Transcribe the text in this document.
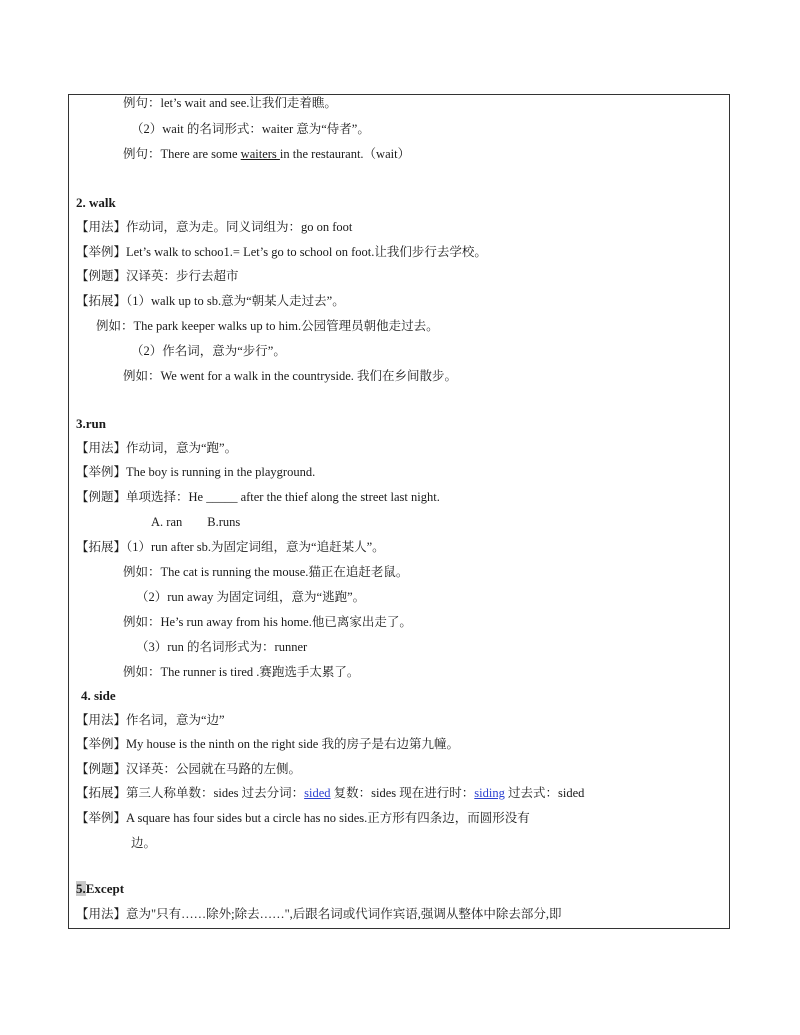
例句：let’s wait and see.让我们走着瞧。
（2）wait 的名词形式：waiter 意为“侍者”。
例句：There are some waiters in the restaurant.（wait）
2. walk
【用法】作动词，意为走。同义词组为：go on foot
【举例】Let’s walk to schoo1.= Let’s go to school on foot.让我们步行去学校。
【例题】汉译英：步行去超市
【拓展】（1）walk up to sb.意为“朝某人走过去”。
例如：The park keeper walks up to him.公园管理员朝他走过去。
（2）作名词，意为“步行”。
例如：We went for a walk in the countryside. 我们在乡间散步。
3.run
【用法】作动词，意为“跑”。
【举例】The boy is running in the playground.
【例题】单项选择：He _____ after the thief along the street last night.
A. ran        B.runs
【拓展】（1）run after sb.为固定词组，意为“追赶某人”。
例如：The cat is running the mouse.猫正在追赶老鼠。
（2）run away 为固定词组，意为“逃跑”。
例如：He’s run away from his home.他已离家出走了。
（3）run 的名词形式为：runner
例如：The runner is tired .赛跑选手太累了。
4. side
【用法】作名词，意为“边”
【举例】My house is the ninth on the right side 我的房子是右边第九幢。
【例题】汉译英：公园就在马路的左侧。
【拓展】第三人称单数：sides 过去分词：sided 复数：sides 现在进行时：siding 过去式：sided
【举例】A square has four sides but a circle has no sides.正方形有四条边，而圆形没有
边。
5.Except
【用法】意为"只有……除外;除去……",后跟名词或代词作宾语,强调从整体中除去部分,即
